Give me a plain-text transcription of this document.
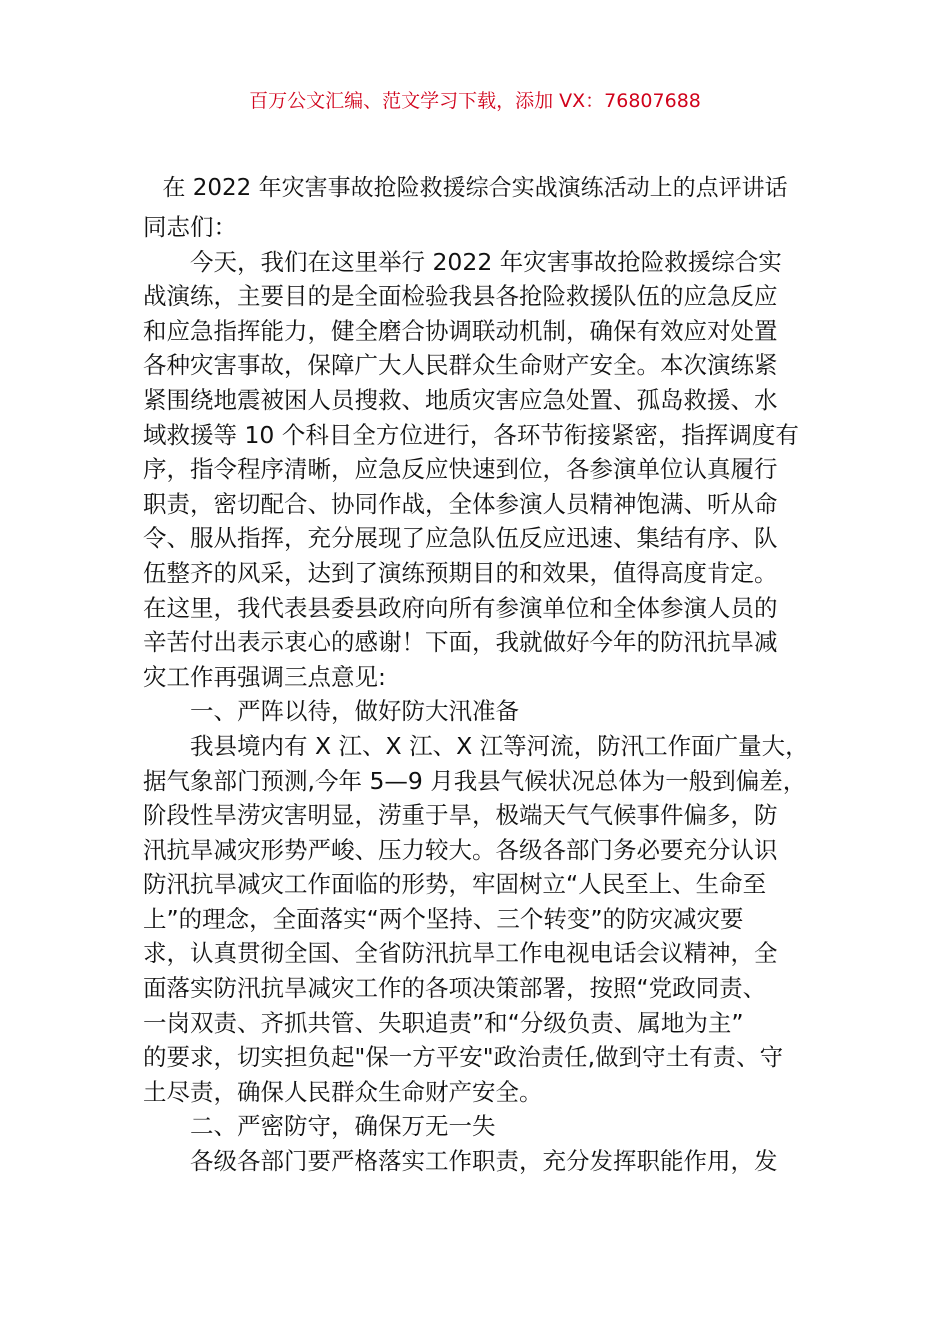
百万公文汇编、范文学习下载，添加 VX：76807688
在 2022 年灾害事故抢险救援综合实战演练活动上的点评讲话
同志们：
今天，我们在这里举行 2022 年灾害事故抢险救援综合实
战演练，主要目的是全面检验我县各抢险救援队伍的应急反应
和应急指挥能力，健全磨合协调联动机制，确保有效应对处置
各种灾害事故，保障广大人民群众生命财产安全。本次演练紧
紧围绕地震被困人员搜救、地质灾害应急处置、孤岛救援、水
域救援等 10 个科目全方位进行，各环节衔接紧密，指挥调度有
序，指令程序清晰，应急反应快速到位，各参演单位认真履行
职责，密切配合、协同作战，全体参演人员精神饱满、听从命
令、服从指挥，充分展现了应急队伍反应迅速、集结有序、队
伍整齐的风采，达到了演练预期目的和效果，值得高度肯定。
在这里，我代表县委县政府向所有参演单位和全体参演人员的
辛苦付出表示衷心的感谢！下面，我就做好今年的防汛抗旱减
灾工作再强调三点意见:
一、严阵以待，做好防大汛准备
我县境内有 X 江、X 江、X 江等河流，防汛工作面广量大，
据气象部门预测,今年 5—9 月我县气候状况总体为一般到偏差，
阶段性旱涝灾害明显，涝重于旱，极端天气气候事件偏多，防
汛抗旱减灾形势严峻、压力较大。各级各部门务必要充分认识
防汛抗旱减灾工作面临的形势，牢固树立“人民至上、生命至
上”的理念，全面落实“两个坚持、三个转变”的防灾减灾要
求，认真贯彻全国、全省防汛抗旱工作电视电话会议精神，全
面落实防汛抗旱减灾工作的各项决策部署，按照“党政同责、
一岗双责、齐抓共管、失职追责”和“分级负责、属地为主”
的要求，切实担负起"保一方平安"政治责任,做到守土有责、守
土尽责，确保人民群众生命财产安全。
二、严密防守，确保万无一失
各级各部门要严格落实工作职责，充分发挥职能作用，发
